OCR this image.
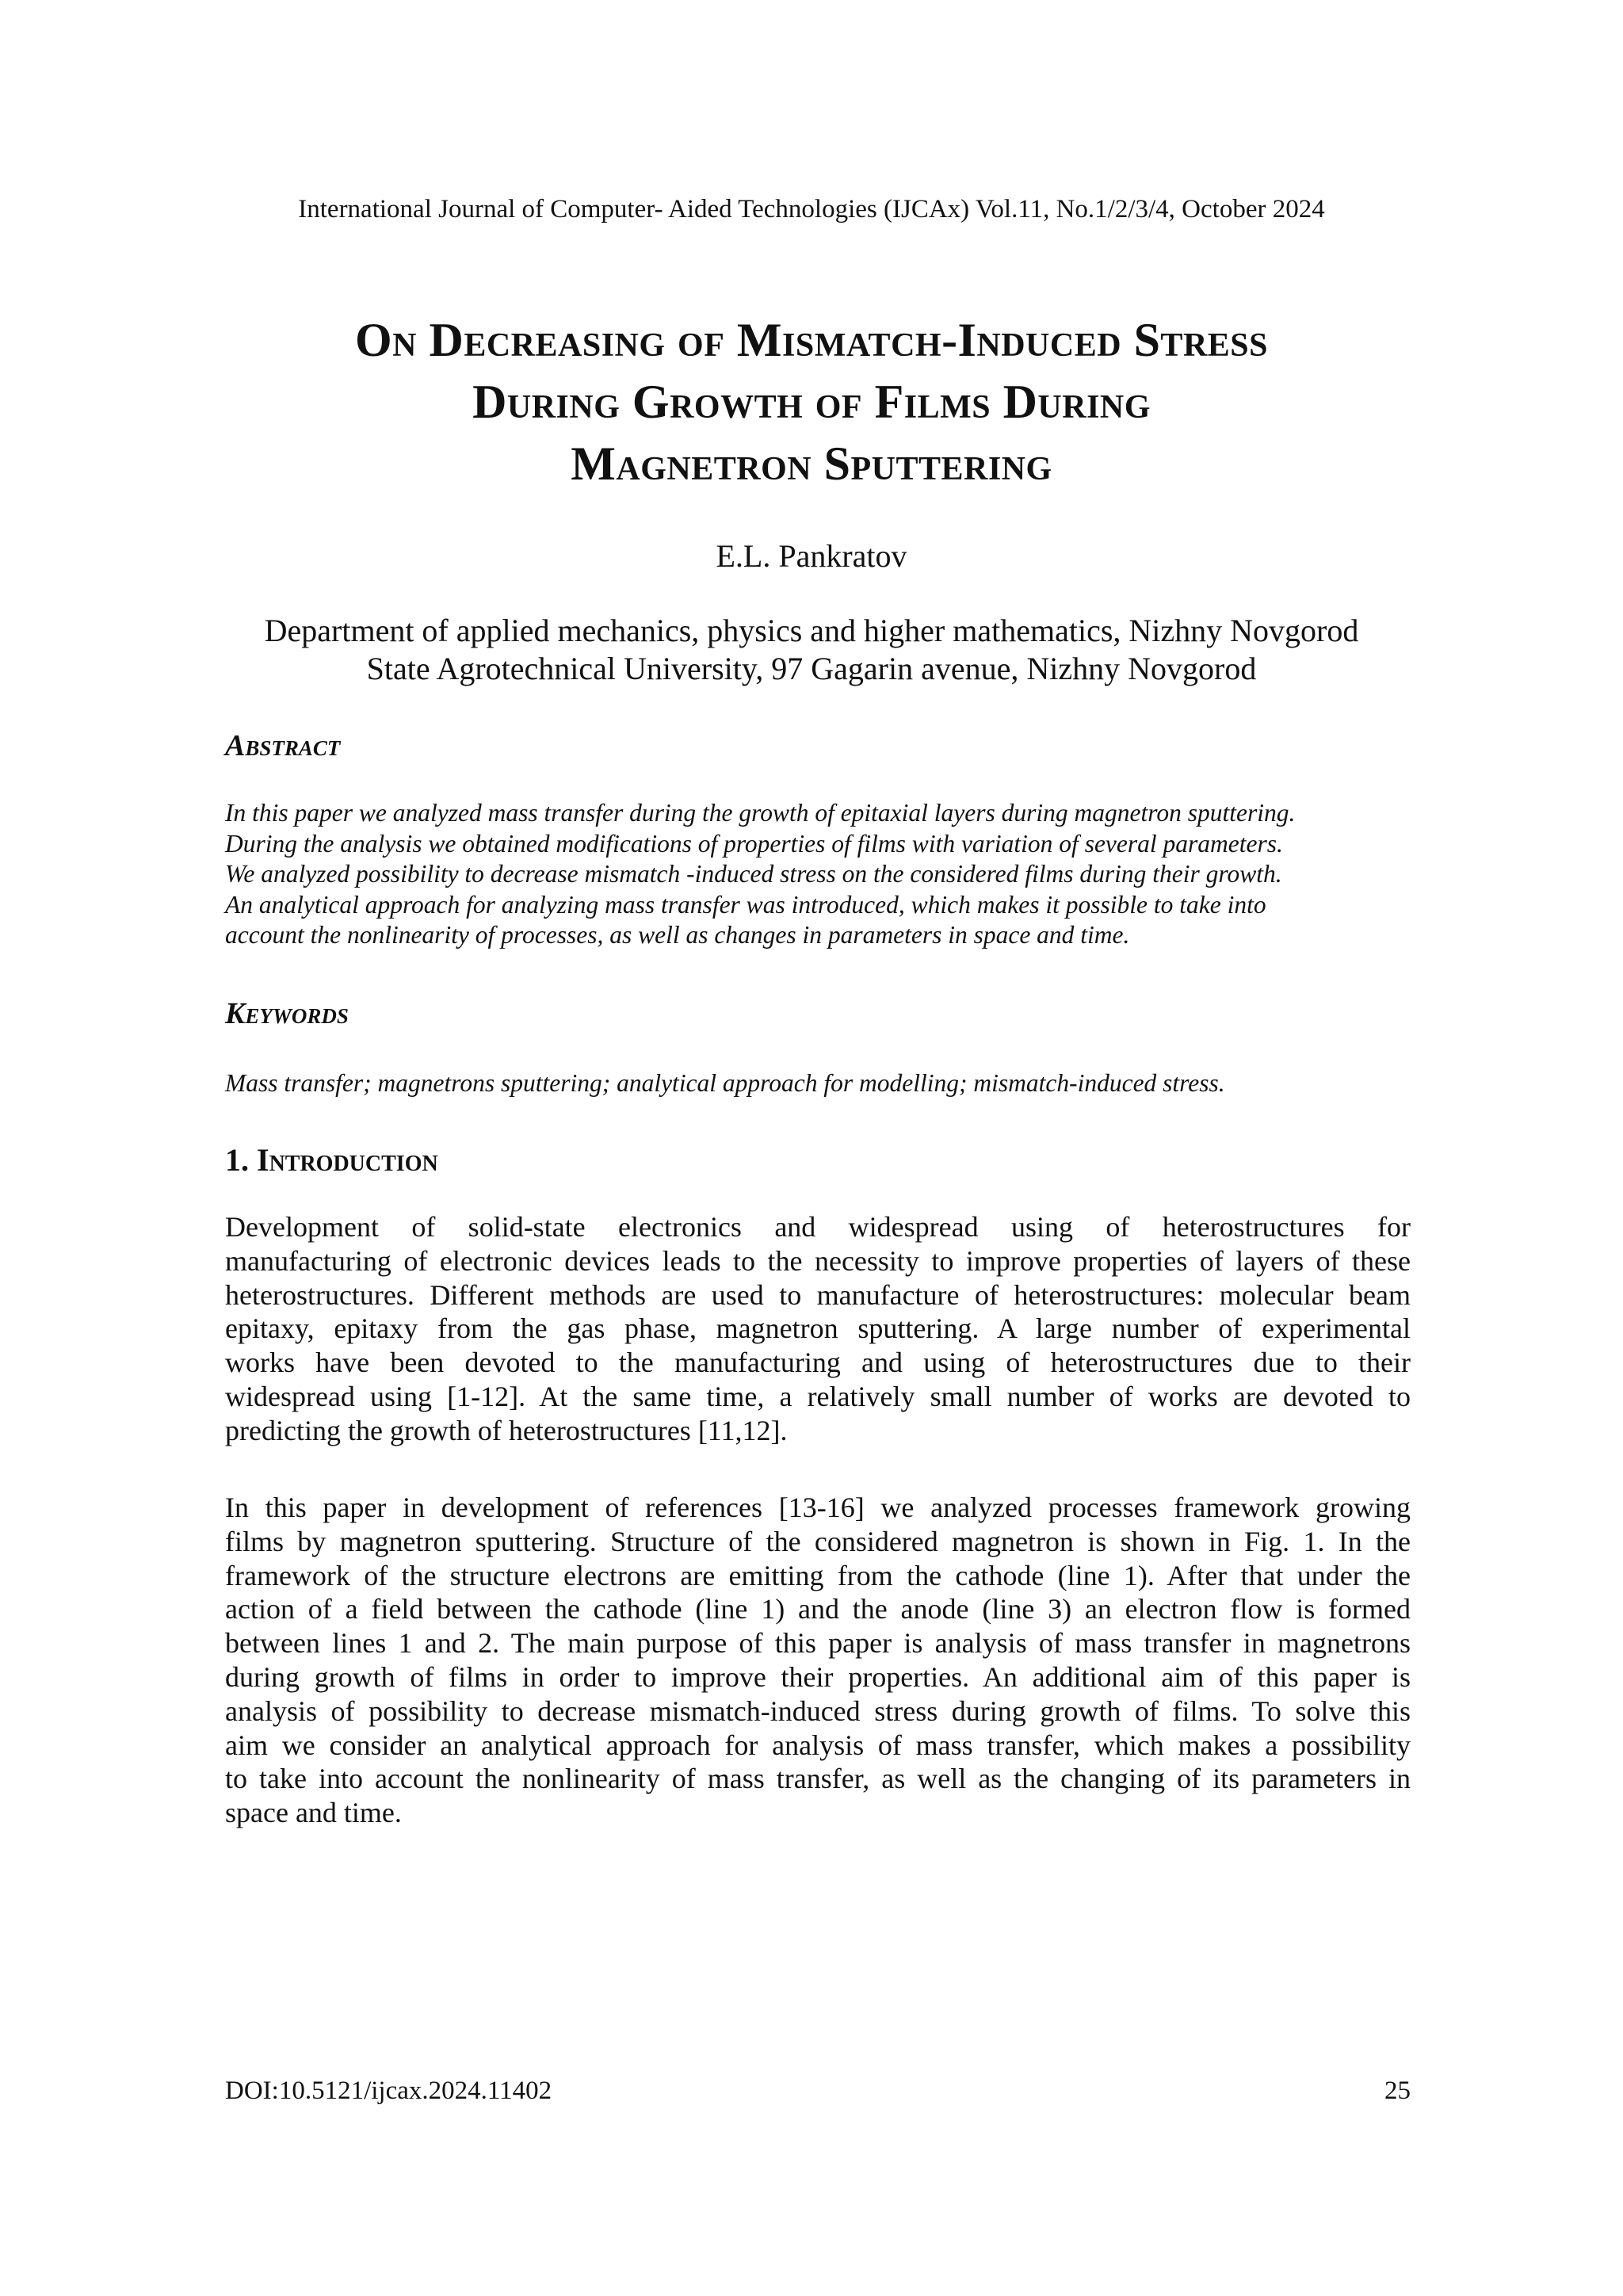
International Journal of Computer- Aided Technologies (IJCAx) Vol.11, No.1/2/3/4, October 2024
On Decreasing of Mismatch-Induced Stress
During Growth of Films During
Magnetron Sputtering
E.L. Pankratov
Department of applied mechanics, physics and higher mathematics, Nizhny Novgorod
State Agrotechnical University, 97 Gagarin avenue, Nizhny Novgorod
Abstract
In this paper we analyzed mass transfer during the growth of epitaxial layers during magnetron sputtering.
During the analysis we obtained modifications of properties of films with variation of several parameters.
We analyzed possibility to decrease mismatch -induced stress on the considered films during their growth.
An analytical approach for analyzing mass transfer was introduced, which makes it possible to take into
account the nonlinearity of processes, as well as changes in parameters in space and time.
Keywords
Mass transfer; magnetrons sputtering; analytical approach for modelling; mismatch-induced stress.
1. Introduction
Development of solid-state electronics and widespread using of heterostructures for
manufacturing of electronic devices leads to the necessity to improve properties of layers of these
heterostructures. Different methods are used to manufacture of heterostructures: molecular beam
epitaxy, epitaxy from the gas phase, magnetron sputtering. A large number of experimental
works have been devoted to the manufacturing and using of heterostructures due to their
widespread using [1-12]. At the same time, a relatively small number of works are devoted to
predicting the growth of heterostructures [11,12].
In this paper in development of references [13-16] we analyzed processes framework growing
films by magnetron sputtering. Structure of the considered magnetron is shown in Fig. 1. In the
framework of the structure electrons are emitting from the cathode (line 1). After that under the
action of a field between the cathode (line 1) and the anode (line 3) an electron flow is formed
between lines 1 and 2. The main purpose of this paper is analysis of mass transfer in magnetrons
during growth of films in order to improve their properties. An additional aim of this paper is
analysis of possibility to decrease mismatch-induced stress during growth of films. To solve this
aim we consider an analytical approach for analysis of mass transfer, which makes a possibility
to take into account the nonlinearity of mass transfer, as well as the changing of its parameters in
space and time.
DOI:10.5121/ijcax.2024.11402	25
